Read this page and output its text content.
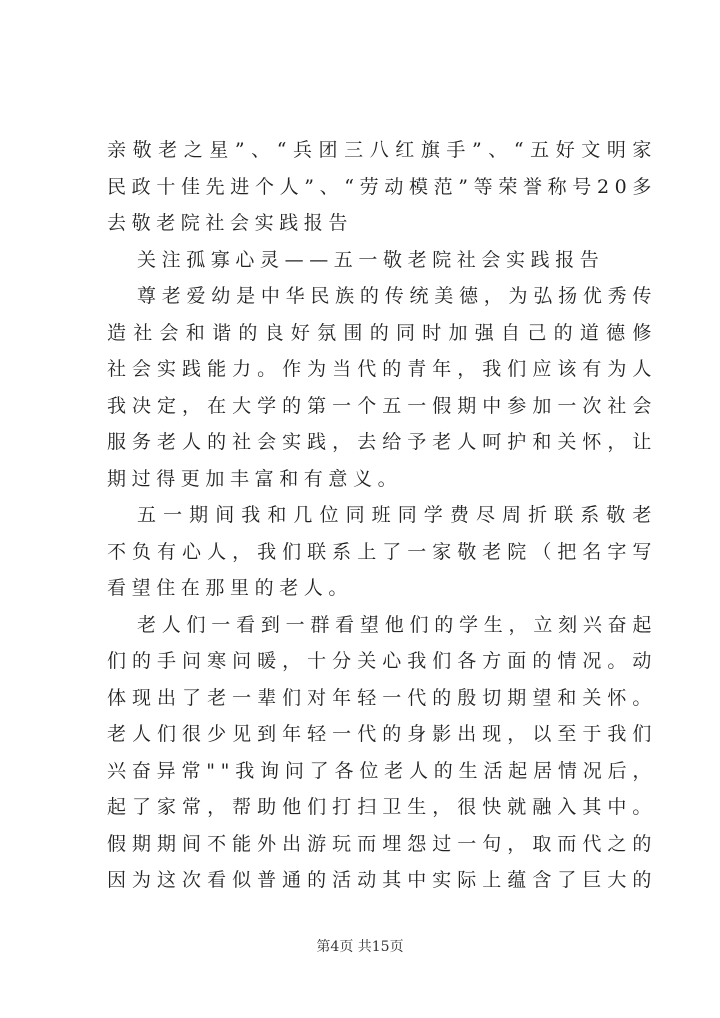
亲敬老之星”、“兵团三八红旗手”、“五好文明家
民政十佳先进个人”、“劳动模范”等荣誉称号20多
去敬老院社会实践报告
关注孤寡心灵——五一敬老院社会实践报告
尊老爱幼是中华民族的传统美德，为弘扬优秀传
造社会和谐的良好氛围的同时加强自己的道德修
社会实践能力。作为当代的青年，我们应该有为人
我决定，在大学的第一个五一假期中参加一次社会
服务老人的社会实践，去给予老人呵护和关怀，让
期过得更加丰富和有意义。
五一期间我和几位同班同学费尽周折联系敬老
不负有心人，我们联系上了一家敬老院（把名字写
看望住在那里的老人。
老人们一看到一群看望他们的学生，立刻兴奋起
们的手问寒问暖，十分关心我们各方面的情况。动
体现出了老一辈们对年轻一代的殷切期望和关怀。
老人们很少见到年轻一代的身影出现，以至于我们
兴奋异常""我询问了各位老人的生活起居情况后，
起了家常，帮助他们打扫卫生，很快就融入其中。
假期期间不能外出游玩而埋怨过一句，取而代之的
因为这次看似普通的活动其中实际上蕴含了巨大的
第4页 共15页
